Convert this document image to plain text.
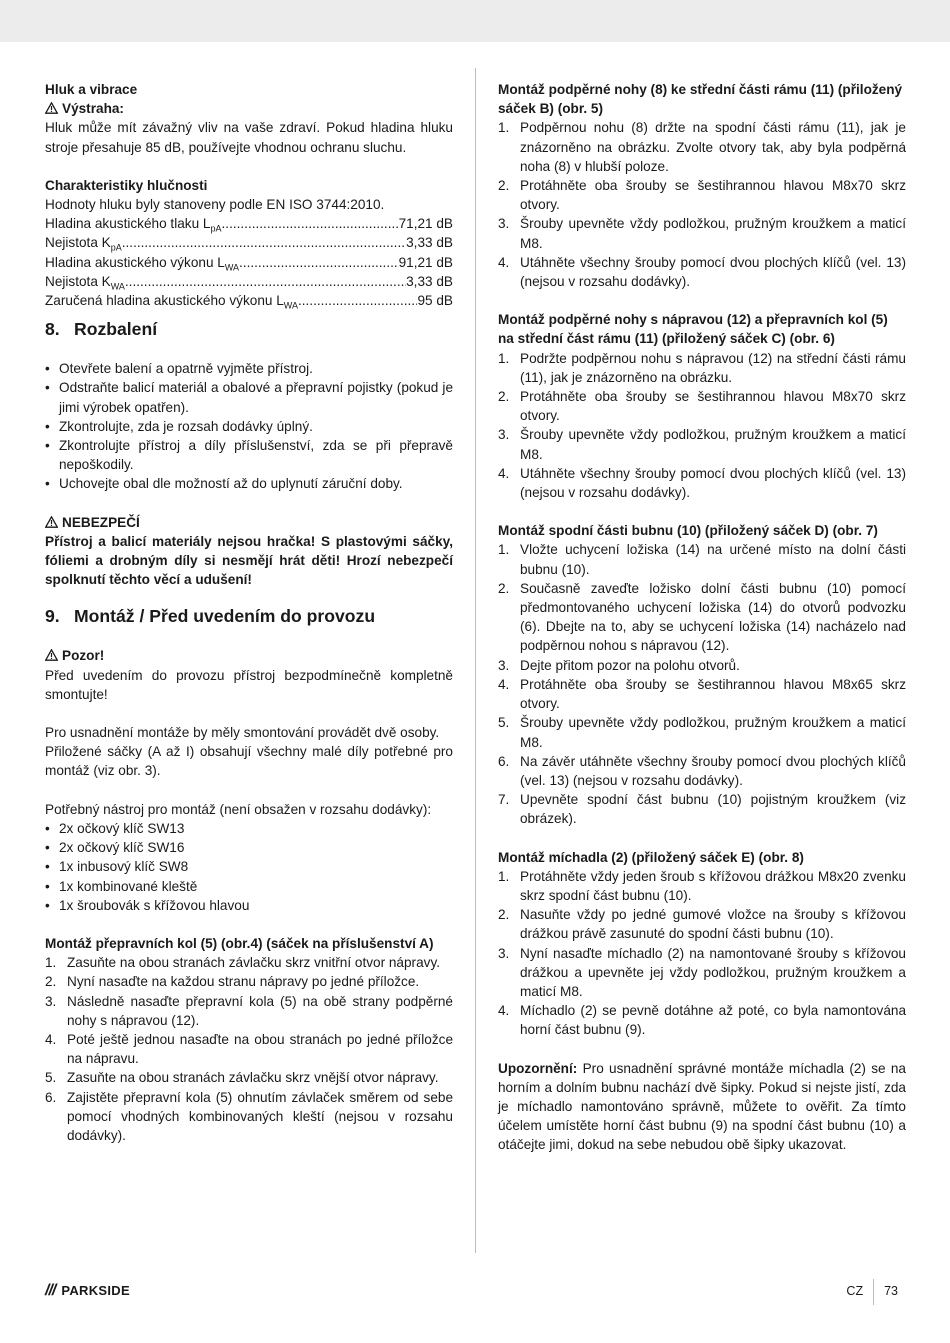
Hluk a vibrace

Výstraha:

Hluk může mít závažný vliv na vaše zdraví. Pokud hladina hluku stroje přesahuje 85 dB, používejte vhodnou ochranu sluchu.

Charakteristiky hlučnosti

Hodnoty hluku byly stanoveny podle EN ISO 3744:2010.

Hladina akustického tlaku $L_{pA}$ .....	71,21 dB
Nejistota $K_{pA}$ .....	3,33 dB
Hladina akustického výkonu $L_{WA}$ .....	91,21 dB
Nejistota $K_{WA}$ .....	3,33 dB
Zaručená hladina akustického výkonu $L_{WA}$ .....	95 dB
8. Rozbalení
• Otevřete balení a opatrně vyjměte přístroj.
• Odstraňte balicí materiál a obalové a přepravní pojistky (pokud je jimi výrobek opatřen).
• Zkontrolujte, zda je rozsah dodávky úplný.
• Zkontrolujte přístroj a díly příslušenství, zda se při přepravě nepoškodily.
• Uchovejte obal dle možností až do uplynutí záruční doby.
NEBEZPEČÍ

Přístroj a balicí materiály nejsou hračka! S plastovými sáčky, fóliemi a drobným díly si nesmějí hrát děti! Hrozí nebezpečí spolknutí těchto věcí a udušení!

9. Montáž / Před uvedením do provozu
Pozor!

Před uvedením do provozu přístroj bezpodmínečně kompletně smontujte!

Pro usnadnění montáže by měly smontování provádět dvě osoby.

Přiložené sáčky (A až I) obsahují všechny malé díly potřebné pro montáž (viz obr. 3).

Potřebný nástroj pro montáž (není obsažen v rozsahu dodávky):

• 2x očkový klíč SW13
• 2x očkový klíč SW16
• 1x inbusový klíč SW8
• 1x kombinované kleště
• 1x šroubovák s křížovou hlavou

Montáž přepravních kol (5) (obr.4) (sáček na příslušenství A)

1. Zasuňte na obou stranách závlačku skrz vnitřní otvor nápravy.
2. Nyní nasaďte na každou stranu nápravy po jedné příložce.
3. Následně nasaďte přepravní kola (5) na obě strany podpěrné nohy s nápravou (12).
4. Poté ještě jednou nasaďte na obou stranách po jedné příložce na nápravu.
5. Zasuňte na obou stranách závlačku skrz vnější otvor nápravy.
6. Zajistěte přepravní kola (5) ohnutím závlaček směrem od sebe pomocí vhodných kombinovaných kleští (nejsou v rozsahu dodávky).

Montáž podpěrné nohy (8) ke střední části rámu (11) (přiložený sáček B) (obr. 5)

1. Podpěrnou nohu (8) držte na spodní části rámu (11), jak je znázorněno na obrázku. Zvolte otvory tak, aby byla podpěrná noha (8) v hlubší poloze.
2. Protáhněte oba šrouby se šestihrannou hlavou M8x70 skrz otvory.
3. Šrouby upevněte vždy podložkou, pružným kroužkem a maticí M8.
4. Utáhněte všechny šrouby pomocí dvou plochých klíčů (vel. 13) (nejsou v rozsahu dodávky).

Montáž podpěrné nohy s nápravou (12) a přepravních kol (5) na střední část rámu (11) (přiložený sáček C) (obr. 6)

1. Podržte podpěrnou nohu s nápravou (12) na střední části rámu (11), jak je znázorněno na obrázku.
2. Protáhněte oba šrouby se šestihrannou hlavou M8x70 skrz otvory.
3. Šrouby upevněte vždy podložkou, pružným kroužkem a maticí M8.
4. Utáhněte všechny šrouby pomocí dvou plochých klíčů (vel. 13) (nejsou v rozsahu dodávky).

Montáž spodní části bubnu (10) (přiložený sáček D) (obr. 7)

1. Vložte uchycení ložiska (14) na určené místo na dolní části bubnu (10).
2. Současně zaveďte ložisko dolní části bubnu (10) pomocí předmontovaného uchycení ložiska (14) do otvorů podvozku (6). Dbejte na to, aby se uchycení ložiska (14) nacházelo nad podpěrnou nohou s nápravou (12).
3. Dejte přitom pozor na polohu otvorů.
4. Protáhněte oba šrouby se šestihrannou hlavou M8x65 skrz otvory.
5. Šrouby upevněte vždy podložkou, pružným kroužkem a maticí M8.
6. Na závěr utáhněte všechny šrouby pomocí dvou plochých klíčů (vel. 13) (nejsou v rozsahu dodávky).
7. Upevněte spodní část bubnu (10) pojistným kroužkem (viz obrázek).

Montáž míchadla (2) (přiložený sáček E) (obr. 8)

1. Protáhněte vždy jeden šroub s křížovou drážkou M8x20 zvenku skrz spodní část bubnu (10).
2. Nasuňte vždy po jedné gumové vložce na šrouby s křížovou drážkou právě zasunuté do spodní části bubnu (10).
3. Nyní nasaďte míchadlo (2) na namontované šrouby s křížovou drážkou a upevněte jej vždy podložkou, pružným kroužkem a maticí M8.
4. Míchadlo (2) se pevně dotáhne až poté, co byla namontována horní část bubnu (9).

Upozornění: Pro usnadnění správné montáže míchadla (2) se na horním a dolním bubnu nachází dvě šipky. Pokud si nejste jistí, zda je míchadlo namontováno správně, můžete to ověřit. Za tímto účelem umístěte horní část bubnu (9) na spodní část bubnu (10) a otáčejte jimi, dokud na sebe nebudou obě šipky ukazovat.

/// PARKSIDE	CZ 73
